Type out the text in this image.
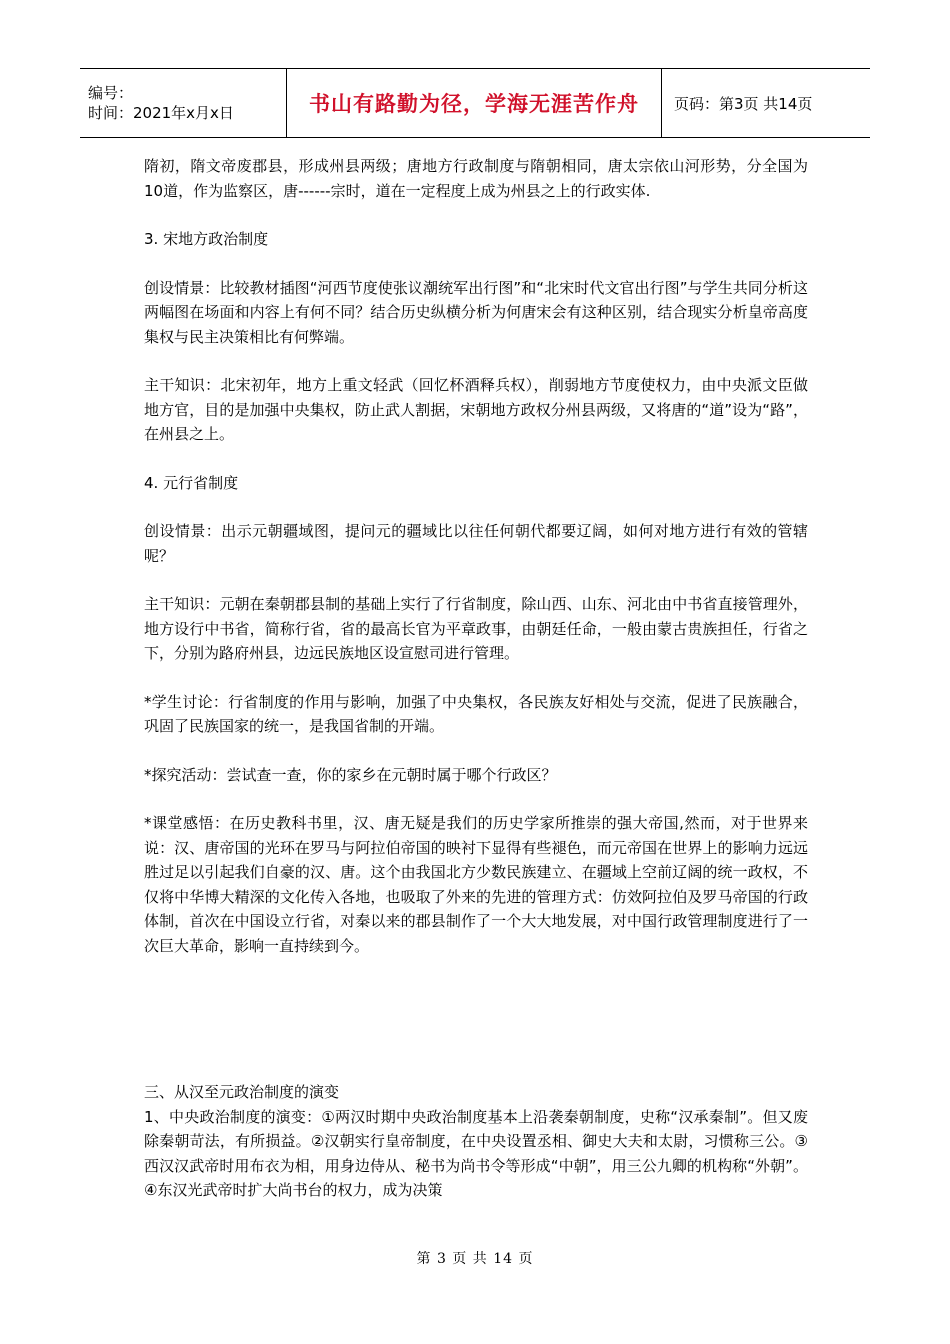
编号：
时间：2021年x月x日	书山有路勤为径，学海无涯苦作舟	页码：第3页 共14页

隋初，隋文帝废郡县，形成州县两级；唐地方行政制度与隋朝相同，唐太宗依山河形势，分全国为10道，作为监察区，唐------宗时，道在一定程度上成为州县之上的行政实体.

3. 宋地方政治制度

创设情景：比较教材插图“河西节度使张议潮统军出行图”和“北宋时代文官出行图”与学生共同分析这两幅图在场面和内容上有何不同？结合历史纵横分析为何唐宋会有这种区别，结合现实分析皇帝高度集权与民主决策相比有何弊端。

主干知识：北宋初年，地方上重文轻武（回忆杯酒释兵权），削弱地方节度使权力，由中央派文臣做地方官，目的是加强中央集权，防止武人割据，宋朝地方政权分州县两级，又将唐的“道”设为“路”，在州县之上。

4. 元行省制度

创设情景：出示元朝疆域图，提问元的疆域比以往任何朝代都要辽阔，如何对地方进行有效的管辖呢？

主干知识：元朝在秦朝郡县制的基础上实行了行省制度，除山西、山东、河北由中书省直接管理外，地方设行中书省，简称行省，省的最高长官为平章政事，由朝廷任命，一般由蒙古贵族担任，行省之下，分别为路府州县，边远民族地区设宣慰司进行管理。

*学生讨论：行省制度的作用与影响，加强了中央集权，各民族友好相处与交流，促进了民族融合，巩固了民族国家的统一，是我国省制的开端。

*探究活动：尝试查一查，你的家乡在元朝时属于哪个行政区？

*课堂感悟：在历史教科书里，汉、唐无疑是我们的历史学家所推崇的强大帝国,然而，对于世界来说：汉、唐帝国的光环在罗马与阿拉伯帝国的映衬下显得有些褪色，而元帝国在世界上的影响力远远胜过足以引起我们自豪的汉、唐。这个由我国北方少数民族建立、在疆域上空前辽阔的统一政权，不仅将中华博大精深的文化传入各地，也吸取了外来的先进的管理方式：仿效阿拉伯及罗马帝国的行政体制，首次在中国设立行省，对秦以来的郡县制作了一个大大地发展，对中国行政管理制度进行了一次巨大革命，影响一直持续到今。

三、从汉至元政治制度的演变

1、中央政治制度的演变：①两汉时期中央政治制度基本上沿袭秦朝制度，史称“汉承秦制”。但又废除秦朝苛法，有所损益。②汉朝实行皇帝制度，在中央设置丞相、御史大夫和太尉，习惯称三公。③西汉汉武帝时用布衣为相，用身边侍从、秘书为尚书令等形成“中朝”，用三公九卿的机构称“外朝”。④东汉光武帝时扩大尚书台的权力，成为决策

第 3 页 共 14 页
